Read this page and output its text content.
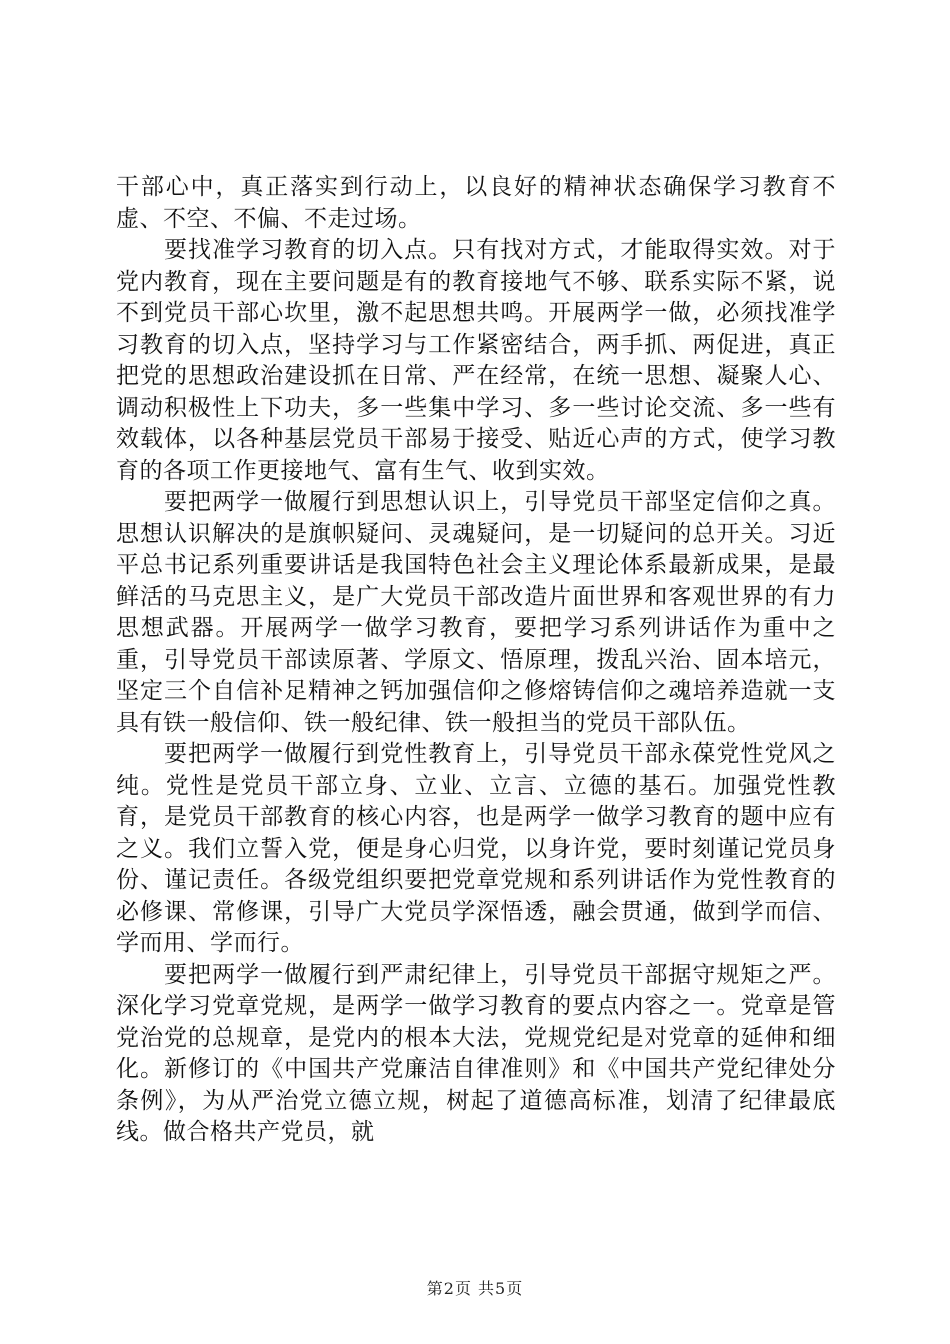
干部心中，真正落实到行动上，以良好的精神状态确保学习教育不虚、不空、不偏、不走过场。

　　要找准学习教育的切入点。只有找对方式，才能取得实效。对于党内教育，现在主要问题是有的教育接地气不够、联系实际不紧，说不到党员干部心坎里，激不起思想共鸣。开展两学一做，必须找准学习教育的切入点，坚持学习与工作紧密结合，两手抓、两促进，真正把党的思想政治建设抓在日常、严在经常，在统一思想、凝聚人心、调动积极性上下功夫，多一些集中学习、多一些讨论交流、多一些有效载体，以各种基层党员干部易于接受、贴近心声的方式，使学习教育的各项工作更接地气、富有生气、收到实效。

　　要把两学一做履行到思想认识上，引导党员干部坚定信仰之真。思想认识解决的是旗帜疑问、灵魂疑问，是一切疑问的总开关。习近平总书记系列重要讲话是我国特色社会主义理论体系最新成果，是最鲜活的马克思主义，是广大党员干部改造片面世界和客观世界的有力思想武器。开展两学一做学习教育，要把学习系列讲话作为重中之重，引导党员干部读原著、学原文、悟原理，拨乱兴治、固本培元，坚定三个自信补足精神之钙加强信仰之修熔铸信仰之魂培养造就一支具有铁一般信仰、铁一般纪律、铁一般担当的党员干部队伍。

　　要把两学一做履行到党性教育上，引导党员干部永葆党性党风之纯。党性是党员干部立身、立业、立言、立德的基石。加强党性教育，是党员干部教育的核心内容，也是两学一做学习教育的题中应有之义。我们立誓入党，便是身心归党，以身许党，要时刻谨记党员身份、谨记责任。各级党组织要把党章党规和系列讲话作为党性教育的必修课、常修课，引导广大党员学深悟透，融会贯通，做到学而信、学而用、学而行。

　　要把两学一做履行到严肃纪律上，引导党员干部据守规矩之严。深化学习党章党规，是两学一做学习教育的要点内容之一。党章是管党治党的总规章，是党内的根本大法，党规党纪是对党章的延伸和细化。新修订的《中国共产党廉洁自律准则》和《中国共产党纪律处分条例》，为从严治党立德立规，树起了道德高标准，划清了纪律最底线。做合格共产党员，就

第2页 共5页
